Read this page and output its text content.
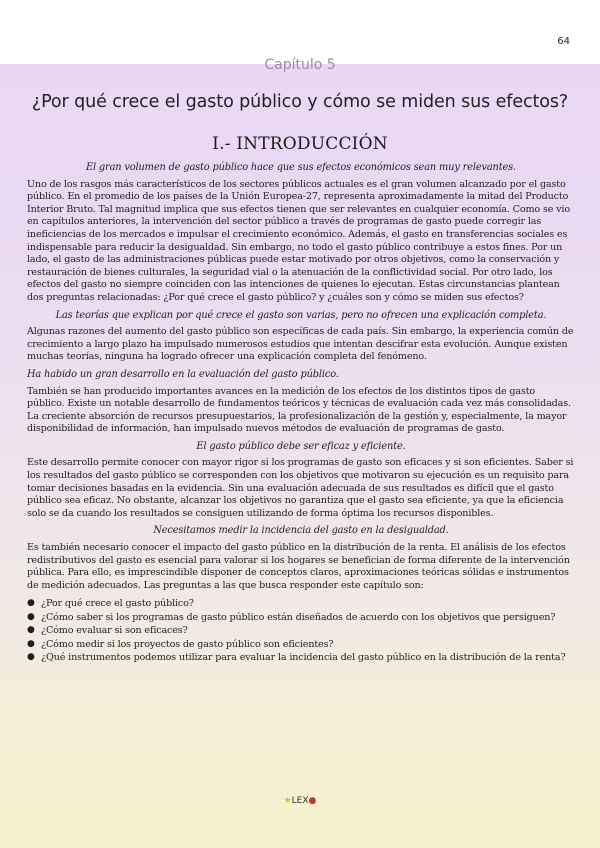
64
Capítulo 5
¿Por qué crece el gasto público y cómo se miden sus efectos?
I.- INTRODUCCIÓN
El gran volumen de gasto público hace que sus efectos económicos sean muy relevantes.

Uno de los rasgos más característicos de los sectores públicos actuales es el gran volumen alcanzado por el gasto público. En el promedio de los países de la Unión Europea-27, representa aproximadamente la mitad del Producto Interior Bruto. Tal magnitud implica que sus efectos tienen que ser relevantes en cualquier economía. Como se vio en capítulos anteriores, la intervención del sector público a través de programas de gasto puede corregir las ineficiencias de los mercados e impulsar el crecimiento económico. Además, el gasto en transferencias sociales es indispensable para reducir la desigualdad. Sin embargo, no todo el gasto público contribuye a estos fines. Por un lado, el gasto de las administraciones públicas puede estar motivado por otros objetivos, como la conservación y restauración de bienes culturales, la seguridad vial o la atenuación de la conflictividad social. Por otro lado, los efectos del gasto no siempre coinciden con las intenciones de quienes lo ejecutan. Estas circunstancias plantean dos preguntas relacionadas: ¿Por qué crece el gasto público? y ¿cuáles son y cómo se miden sus efectos?

Las teorías que explican por qué crece el gasto son varias, pero no ofrecen una explicación completa.

Algunas razones del aumento del gasto público son específicas de cada país. Sin embargo, la experiencia común de crecimiento a largo plazo ha impulsado numerosos estudios que intentan descifrar esta evolución. Aunque existen muchas teorías, ninguna ha logrado ofrecer una explicación completa del fenómeno.

Ha habido un gran desarrollo en la evaluación del gasto público.

También se han producido importantes avances en la medición de los efectos de los distintos tipos de gasto público. Existe un notable desarrollo de fundamentos teóricos y técnicas de evaluación cada vez más consolidadas. La creciente absorción de recursos presupuestarios, la profesionalización de la gestión y, especialmente, la mayor disponibilidad de información, han impulsado nuevos métodos de evaluación de programas de gasto.

El gasto público debe ser eficaz y eficiente.

Este desarrollo permite conocer con mayor rigor si los programas de gasto son eficaces y si son eficientes. Saber si los resultados del gasto público se corresponden con los objetivos que motivaron su ejecución es un requisito para tomar decisiones basadas en la evidencia. Sin una evaluación adecuada de sus resultados es difícil que el gasto público sea eficaz. No obstante, alcanzar los objetivos no garantiza que el gasto sea eficiente, ya que la eficiencia solo se da cuando los resultados se consiguen utilizando de forma óptima los recursos disponibles.

Necesitamos medir la incidencia del gasto en la desigualdad.

Es también necesario conocer el impacto del gasto público en la distribución de la renta. El análisis de los efectos redistributivos del gasto es esencial para valorar si los hogares se benefician de forma diferente de la intervención pública. Para ello, es imprescindible disponer de conceptos claros, aproximaciones teóricas sólidas e instrumentos de medición adecuados. Las preguntas a las que busca responder este capítulo son:

● ¿Por qué crece el gasto público?
● ¿Cómo saber si los programas de gasto público están diseñados de acuerdo con los objetivos que persiguen?
● ¿Cómo evaluar si son eficaces?
● ¿Cómo medir si los proyectos de gasto público son eficientes?
● ¿Qué instrumentos podemos utilizar para evaluar la incidencia del gasto público en la distribución de la renta?
★LEX●
